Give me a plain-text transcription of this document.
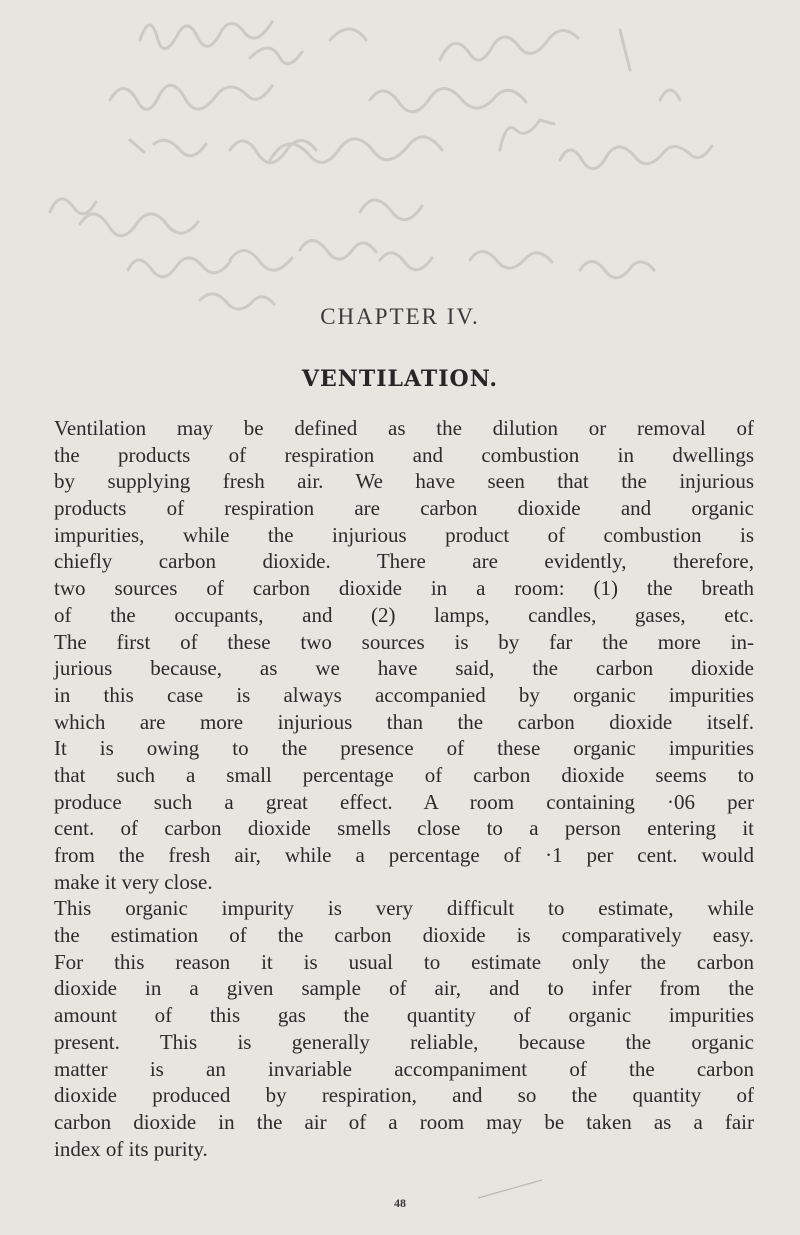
CHAPTER IV.
VENTILATION.
Ventilation may be defined as the dilution or removal of
the products of respiration and combustion in dwellings
by supplying fresh air. We have seen that the injurious
products of respiration are carbon dioxide and organic
impurities, while the injurious product of combustion is
chiefly carbon dioxide. There are evidently, therefore,
two sources of carbon dioxide in a room: (1) the breath
of the occupants, and (2) lamps, candles, gases, etc.
The first of these two sources is by far the more in-
jurious because, as we have said, the carbon dioxide
in this case is always accompanied by organic impurities
which are more injurious than the carbon dioxide itself.
It is owing to the presence of these organic impurities
that such a small percentage of carbon dioxide seems to
produce such a great effect. A room containing ·06 per
cent. of carbon dioxide smells close to a person entering it
from the fresh air, while a percentage of ·1 per cent. would
make it very close.
This organic impurity is very difficult to estimate, while
the estimation of the carbon dioxide is comparatively easy.
For this reason it is usual to estimate only the carbon
dioxide in a given sample of air, and to infer from the
amount of this gas the quantity of organic impurities
present. This is generally reliable, because the organic
matter is an invariable accompaniment of the carbon
dioxide produced by respiration, and so the quantity of
carbon dioxide in the air of a room may be taken as a fair
index of its purity.
48
